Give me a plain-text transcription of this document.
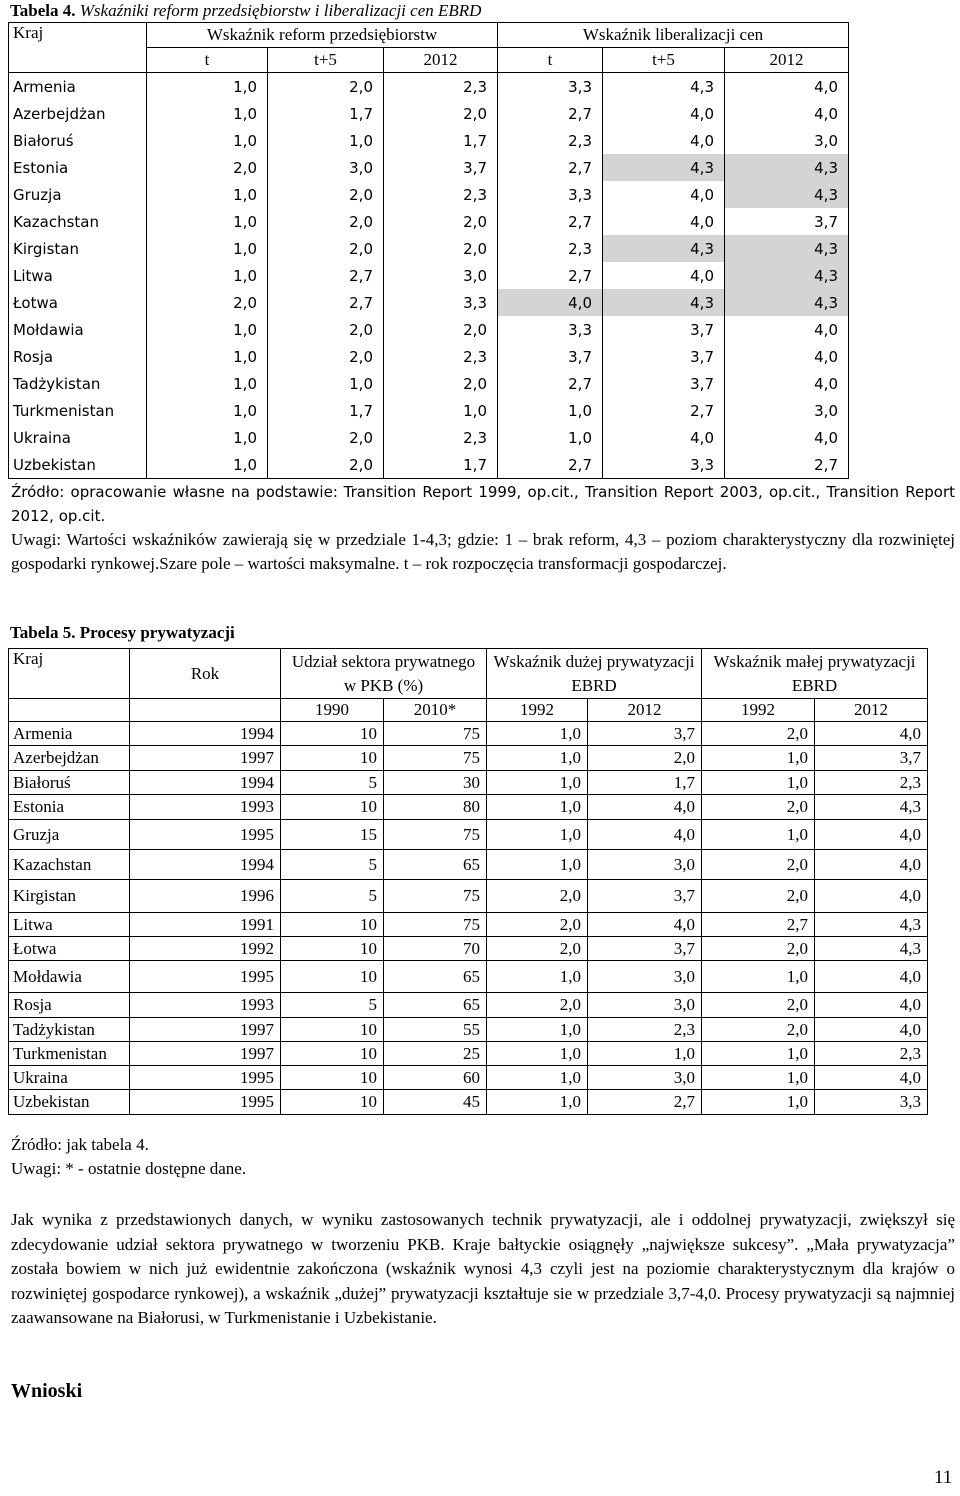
Tabela 4. Wskaźniki reform przedsiębiorstw i liberalizacji cen EBRD
Kraj	Wskaźnik reform przedsiębiorstw			Wskaźnik liberalizacji cen		
	t	t+5	2012	t	t+5	2012
Armenia	1,0	2,0	2,3	3,3	4,3	4,0
Azerbejdżan	1,0	1,7	2,0	2,7	4,0	4,0
Białoruś	1,0	1,0	1,7	2,3	4,0	3,0
Estonia	2,0	3,0	3,7	2,7	4,3	4,3
Gruzja	1,0	2,0	2,3	3,3	4,0	4,3
Kazachstan	1,0	2,0	2,0	2,7	4,0	3,7
Kirgistan	1,0	2,0	2,0	2,3	4,3	4,3
Litwa	1,0	2,7	3,0	2,7	4,0	4,3
Łotwa	2,0	2,7	3,3	4,0	4,3	4,3
Mołdawia	1,0	2,0	2,0	3,3	3,7	4,0
Rosja	1,0	2,0	2,3	3,7	3,7	4,0
Tadżykistan	1,0	1,0	2,0	2,7	3,7	4,0
Turkmenistan	1,0	1,7	1,0	1,0	2,7	3,0
Ukraina	1,0	2,0	2,3	1,0	4,0	4,0
Uzbekistan	1,0	2,0	1,7	2,7	3,3	2,7
Źródło: opracowanie własne na podstawie: Transition Report 1999, op.cit., Transition Report 2003, op.cit., Transition Report 2012, op.cit.
Uwagi: Wartości wskaźników zawierają się w przedziale 1-4,3; gdzie: 1 – brak reform, 4,3 – poziom charakterystyczny dla rozwiniętej gospodarki rynkowej.Szare pole – wartości maksymalne. t – rok rozpoczęcia transformacji gospodarczej.
Tabela 5. Procesy prywatyzacji
Kraj	Rok	Udział sektora prywatnego w PKB (%)		Wskaźnik dużej prywatyzacji EBRD		Wskaźnik małej prywatyzacji EBRD	
		1990	2010*	1992	2012	1992	2012
Armenia	1994	10	75	1,0	3,7	2,0	4,0
Azerbejdżan	1997	10	75	1,0	2,0	1,0	3,7
Białoruś	1994	5	30	1,0	1,7	1,0	2,3
Estonia	1993	10	80	1,0	4,0	2,0	4,3
Gruzja	1995	15	75	1,0	4,0	1,0	4,0
Kazachstan	1994	5	65	1,0	3,0	2,0	4,0
Kirgistan	1996	5	75	2,0	3,7	2,0	4,0
Litwa	1991	10	75	2,0	4,0	2,7	4,3
Łotwa	1992	10	70	2,0	3,7	2,0	4,3
Mołdawia	1995	10	65	1,0	3,0	1,0	4,0
Rosja	1993	5	65	2,0	3,0	2,0	4,0
Tadżykistan	1997	10	55	1,0	2,3	2,0	4,0
Turkmenistan	1997	10	25	1,0	1,0	1,0	2,3
Ukraina	1995	10	60	1,0	3,0	1,0	4,0
Uzbekistan	1995	10	45	1,0	2,7	1,0	3,3
Źródło: jak tabela 4.
Uwagi: * - ostatnie dostępne dane.
Jak wynika z przedstawionych danych, w wyniku zastosowanych technik prywatyzacji, ale i oddolnej prywatyzacji, zwiększył się zdecydowanie udział sektora prywatnego w tworzeniu PKB. Kraje bałtyckie osiągnęły „największe sukcesy”. „Mała prywatyzacja” została bowiem w nich już ewidentnie zakończona (wskaźnik wynosi 4,3 czyli jest na poziomie charakterystycznym dla krajów o rozwiniętej gospodarce rynkowej), a wskaźnik „dużej” prywatyzacji kształtuje sie w przedziale 3,7-4,0. Procesy prywatyzacji są najmniej zaawansowane na Białorusi, w Turkmenistanie i Uzbekistanie.
Wnioski
11
